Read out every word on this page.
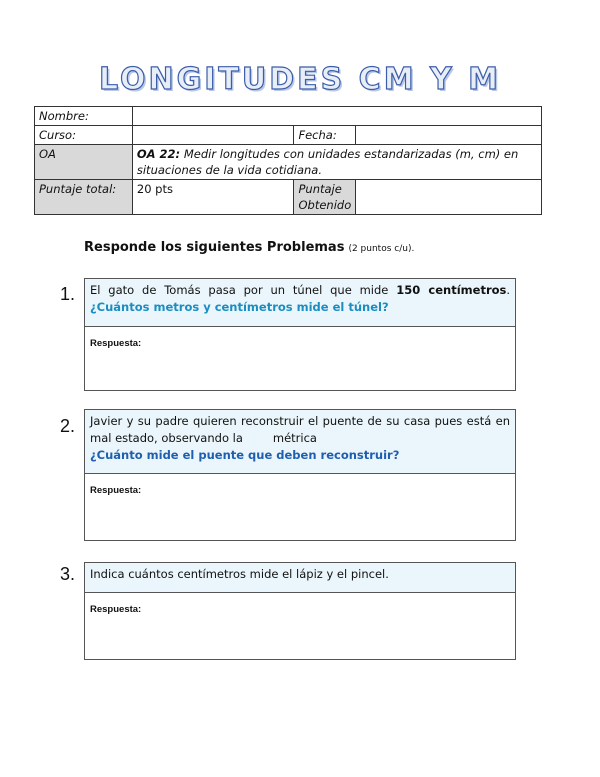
LONGITUDES CM Y M
Nombre:			
Curso:		Fecha:	
OA	OA 22: Medir longitudes con unidades estandarizadas (m, cm) en situaciones de la vida cotidiana.		
Puntaje total:	20 pts	Puntaje
Obtenido	
Responde los siguientes Problemas (2 puntos c/u).
1.	El gato de Tomás pasa por un túnel que mide 150 centímetros. ¿Cuántos metros y centímetros mide el túnel?
Respuesta:
2.	Javier y su padre quieren reconstruir el puente de su casa pues está en mal estado, observando la	métrica
¿Cuánto mide el puente que deben reconstruir?
Respuesta:
3.	Indica cuántos centímetros mide el lápiz y el pincel.
Respuesta:
